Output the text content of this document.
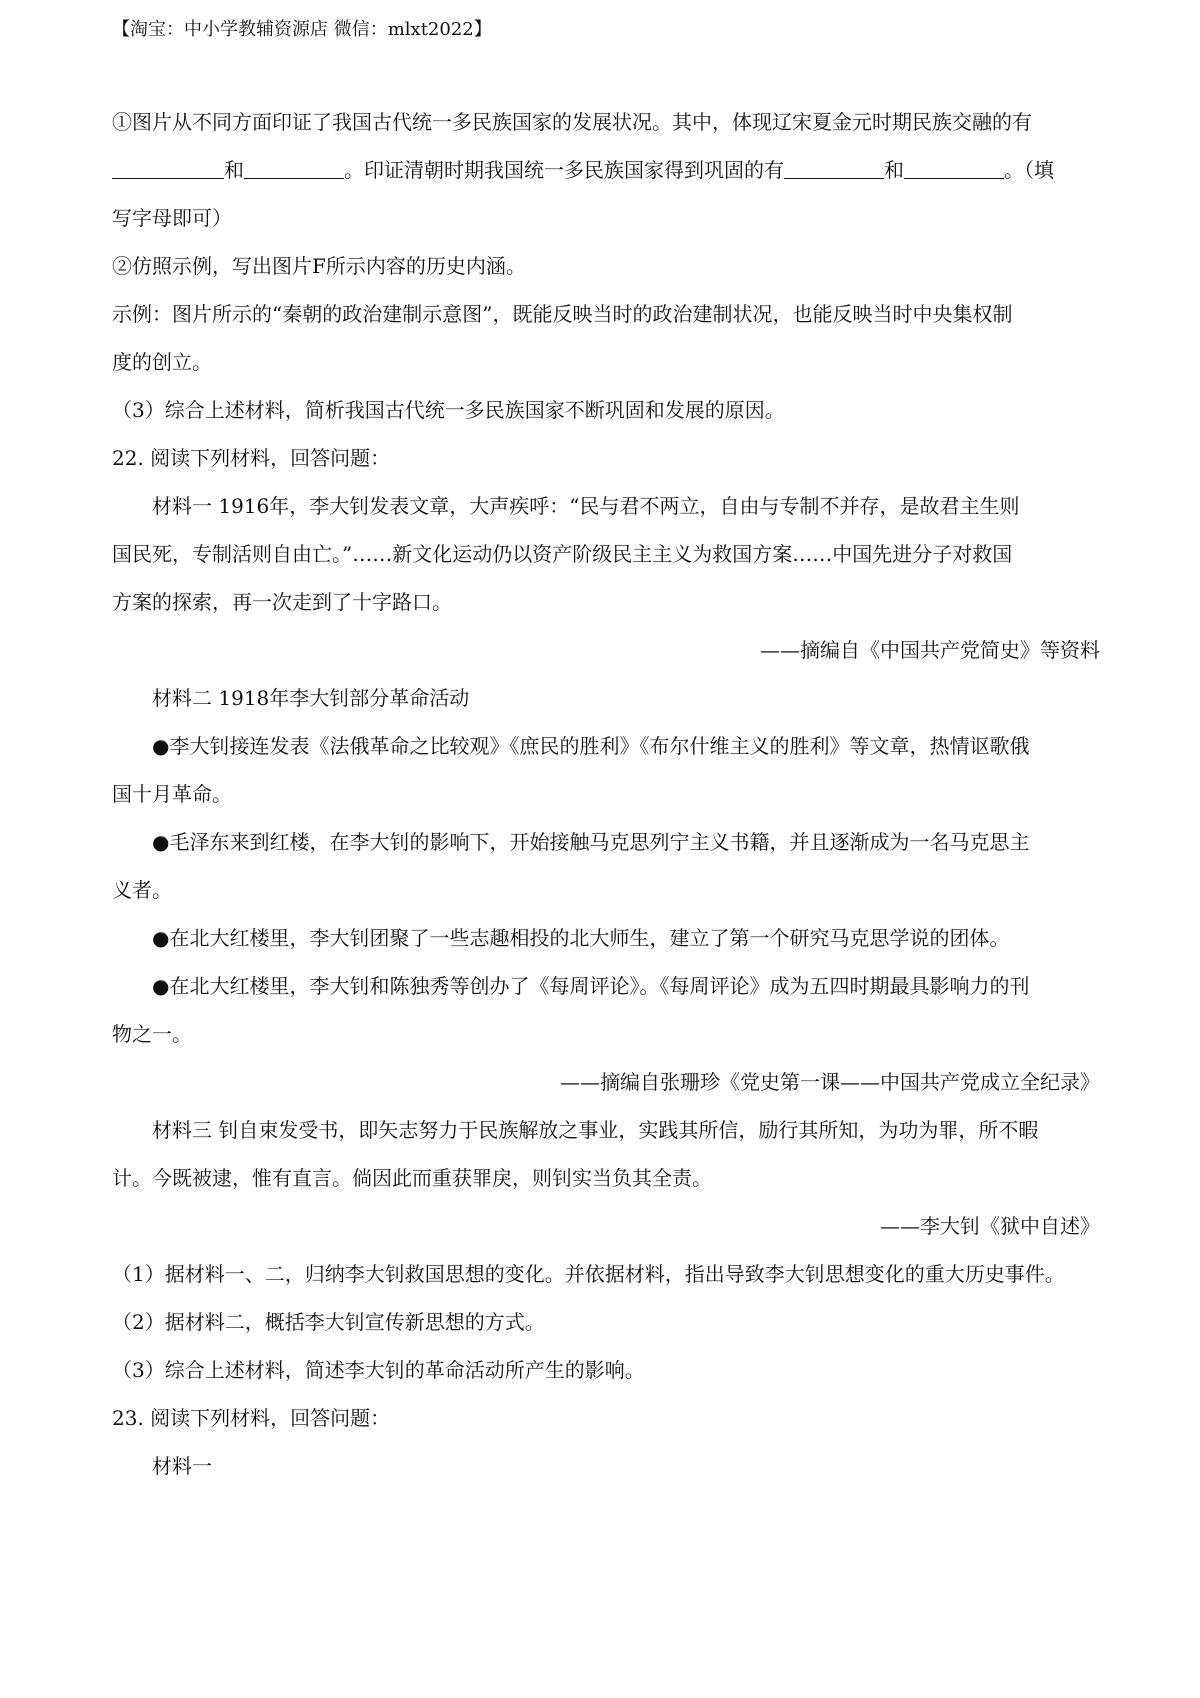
【淘宝：中小学教辅资源店 微信：mlxt2022】
①图片从不同方面印证了我国古代统一多民族国家的发展状况。其中，体现辽宋夏金元时期民族交融的有
和	。印证清朝时期我国统一多民族国家得到巩固的有	和	。（填
写字母即可）
②仿照示例，写出图片F所示内容的历史内涵。
示例：图片所示的“秦朝的政治建制示意图”，既能反映当时的政治建制状况，也能反映当时中央集权制
度的创立。
（3）综合上述材料，简析我国古代统一多民族国家不断巩固和发展的原因。
22. 阅读下列材料，回答问题：
材料一 1916年，李大钊发表文章，大声疾呼：“民与君不两立，自由与专制不并存，是故君主生则
国民死，专制活则自由亡。”……新文化运动仍以资产阶级民主主义为救国方案……中国先进分子对救国
方案的探索，再一次走到了十字路口。
——摘编自《中国共产党简史》等资料
材料二 1918年李大钊部分革命活动
●李大钊接连发表《法俄革命之比较观》《庶民的胜利》《布尔什维主义的胜利》等文章，热情讴歌俄
国十月革命。
●毛泽东来到红楼，在李大钊的影响下，开始接触马克思列宁主义书籍，并且逐渐成为一名马克思主
义者。
●在北大红楼里，李大钊团聚了一些志趣相投的北大师生，建立了第一个研究马克思学说的团体。
●在北大红楼里，李大钊和陈独秀等创办了《每周评论》。《每周评论》成为五四时期最具影响力的刊
物之一。
——摘编自张珊珍《党史第一课——中国共产党成立全纪录》
材料三 钊自束发受书，即矢志努力于民族解放之事业，实践其所信，励行其所知，为功为罪，所不暇
计。今既被逮，惟有直言。倘因此而重获罪戾，则钊实当负其全责。
——李大钊《狱中自述》
（1）据材料一、二，归纳李大钊救国思想的变化。并依据材料，指出导致李大钊思想变化的重大历史事件。
（2）据材料二，概括李大钊宣传新思想的方式。
（3）综合上述材料，简述李大钊的革命活动所产生的影响。
23. 阅读下列材料，回答问题：
材料一
